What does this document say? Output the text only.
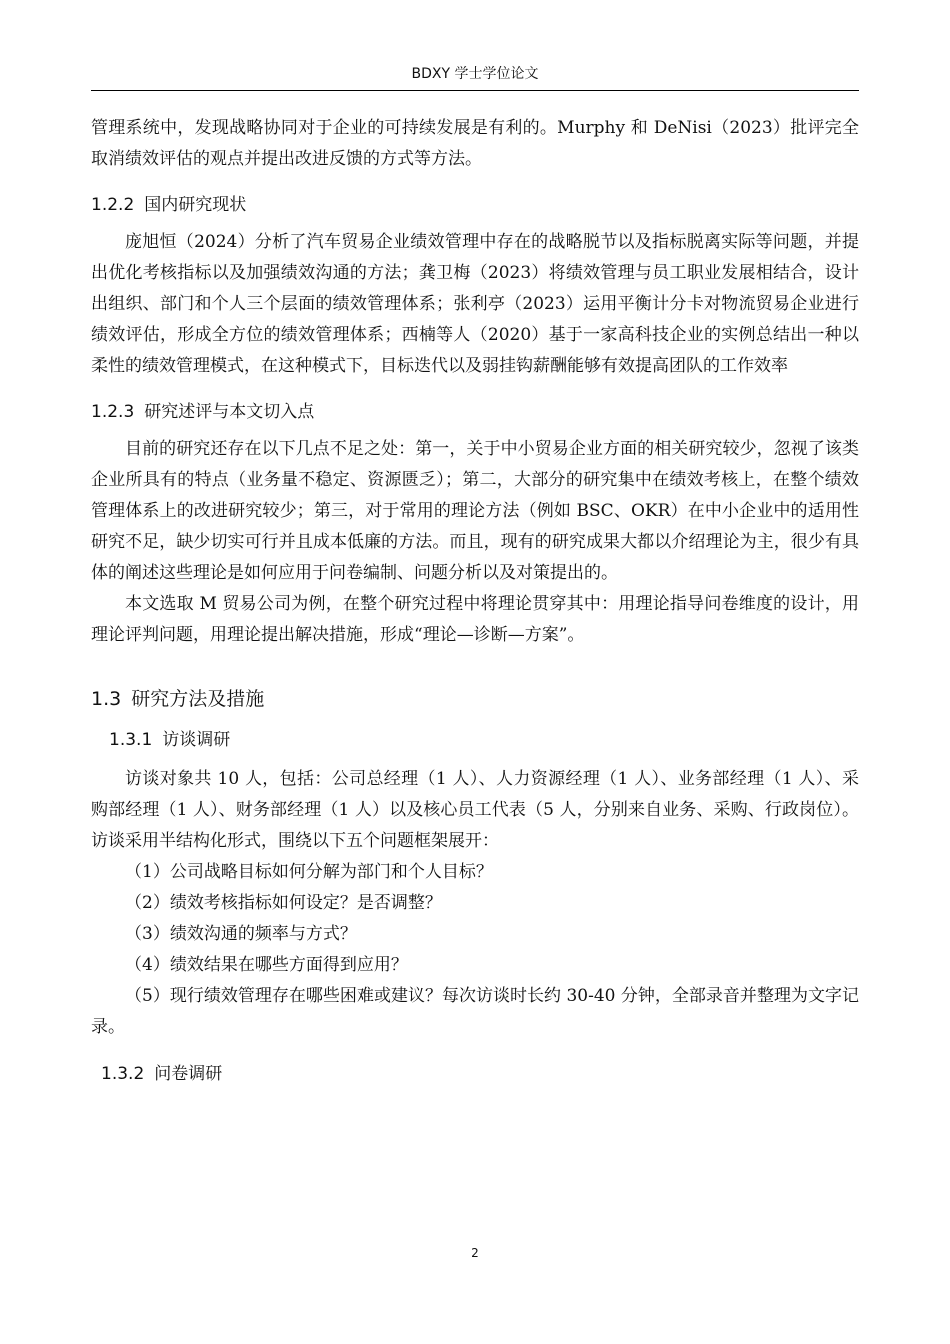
BDXY 学士学位论文

管理系统中，发现战略协同对于企业的可持续发展是有利的。Murphy 和 DeNisi（2023）批评完全取消绩效评估的观点并提出改进反馈的方式等方法。

1.2.2 国内研究现状

庞旭恒（2024）分析了汽车贸易企业绩效管理中存在的战略脱节以及指标脱离实际等问题，并提出优化考核指标以及加强绩效沟通的方法；龚卫梅（2023）将绩效管理与员工职业发展相结合，设计出组织、部门和个人三个层面的绩效管理体系；张利亭（2023）运用平衡计分卡对物流贸易企业进行绩效评估，形成全方位的绩效管理体系；西楠等人（2020）基于一家高科技企业的实例总结出一种以柔性的绩效管理模式，在这种模式下，目标迭代以及弱挂钩薪酬能够有效提高团队的工作效率

1.2.3 研究述评与本文切入点

目前的研究还存在以下几点不足之处：第一，关于中小贸易企业方面的相关研究较少，忽视了该类企业所具有的特点（业务量不稳定、资源匮乏）；第二，大部分的研究集中在绩效考核上，在整个绩效管理体系上的改进研究较少；第三，对于常用的理论方法（例如 BSC、OKR）在中小企业中的适用性研究不足，缺少切实可行并且成本低廉的方法。而且，现有的研究成果大都以介绍理论为主，很少有具体的阐述这些理论是如何应用于问卷编制、问题分析以及对策提出的。

本文选取 M 贸易公司为例，在整个研究过程中将理论贯穿其中：用理论指导问卷维度的设计，用理论评判问题，用理论提出解决措施，形成“理论—诊断—方案”。

1.3 研究方法及措施
1.3.1 访谈调研

访谈对象共 10 人，包括：公司总经理（1 人）、人力资源经理（1 人）、业务部经理（1 人）、采购部经理（1 人）、财务部经理（1 人）以及核心员工代表（5 人，分别来自业务、采购、行政岗位）。访谈采用半结构化形式，围绕以下五个问题框架展开：

（1）公司战略目标如何分解为部门和个人目标？

（2）绩效考核指标如何设定？是否调整？

（3）绩效沟通的频率与方式？

（4）绩效结果在哪些方面得到应用？

（5）现行绩效管理存在哪些困难或建议？每次访谈时长约 30-40 分钟，全部录音并整理为文字记录。

1.3.2 问卷调研
2
